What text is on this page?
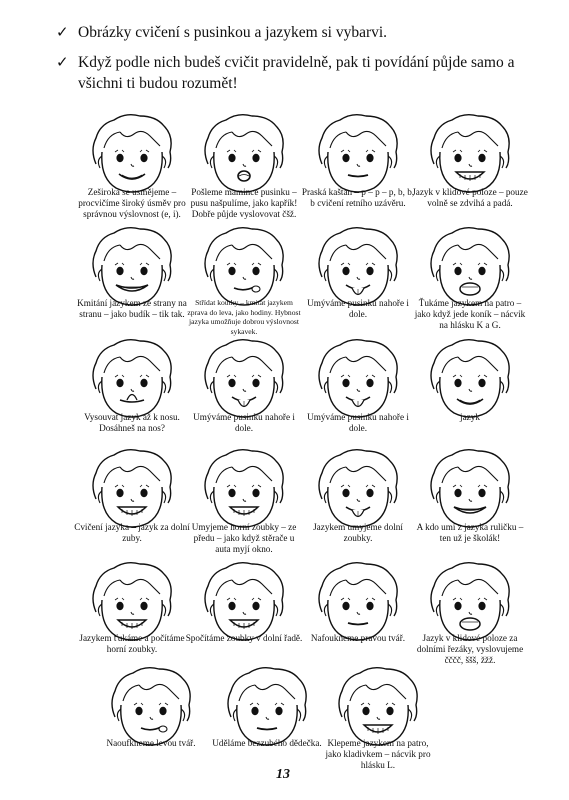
✓ Obrázky cvičení s pusinkou a jazykem si vybarvi.
✓ Když podle nich budeš cvičit pravidelně, pak ti povídání půjde samo a všichni ti budou rozumět!
Zeširoka se usmějeme – procvičíme široký úsměv pro správnou výslovnost (e, i).
Pošleme mamince pusinku – pusu našpulíme, jako kapřík! Dobře půjde vyslovovat čšž.
Praská kaštan – p – p – p, b, b, b cvičení retního uzávěru.
Jazyk v klidové poloze – pouze volně se zdvihá a padá.
Kmitání jazykem ze strany na stranu – jako budík – tik tak.
Střídat koutky – kmitat jazykem zprava do leva, jako hodiny. Hybnost jazyka umožňuje dobrou výslovnost sykavek.
Umýváme pusinku nahoře i dole.
Ťukáme jazykem na patro – jako když jede koník – nácvik na hlásku K a G.
Vysouvat jazyk až k nosu. Dosáhneš na nos?
Umýváme pusinku nahoře i dole.
Umýváme pusinku nahoře i dole.
jazyk
Cvičení jazyka – jazyk za dolní zuby.
Umyjeme horní zoubky – ze předu – jako když stěrače u auta myjí okno.
Jazykem umyjeme dolní zoubky.
A kdo umí z jazyka ruličku – ten už je školák!
Jazykem ťukáme a počítáme horní zoubky.
Spočítáme zoubky v dolní řadě. Nafoukneme pravou tvář.	Jazyk v klidové poloze za dolními řezáky, vyslovujeme čččč, ššš, žžž.
Naoufkneme levou tvář.	Uděláme bezzubého dědečka. Klepeme jazykem na patro, jako kladivkem – nácvik pro hlásku L.
13
